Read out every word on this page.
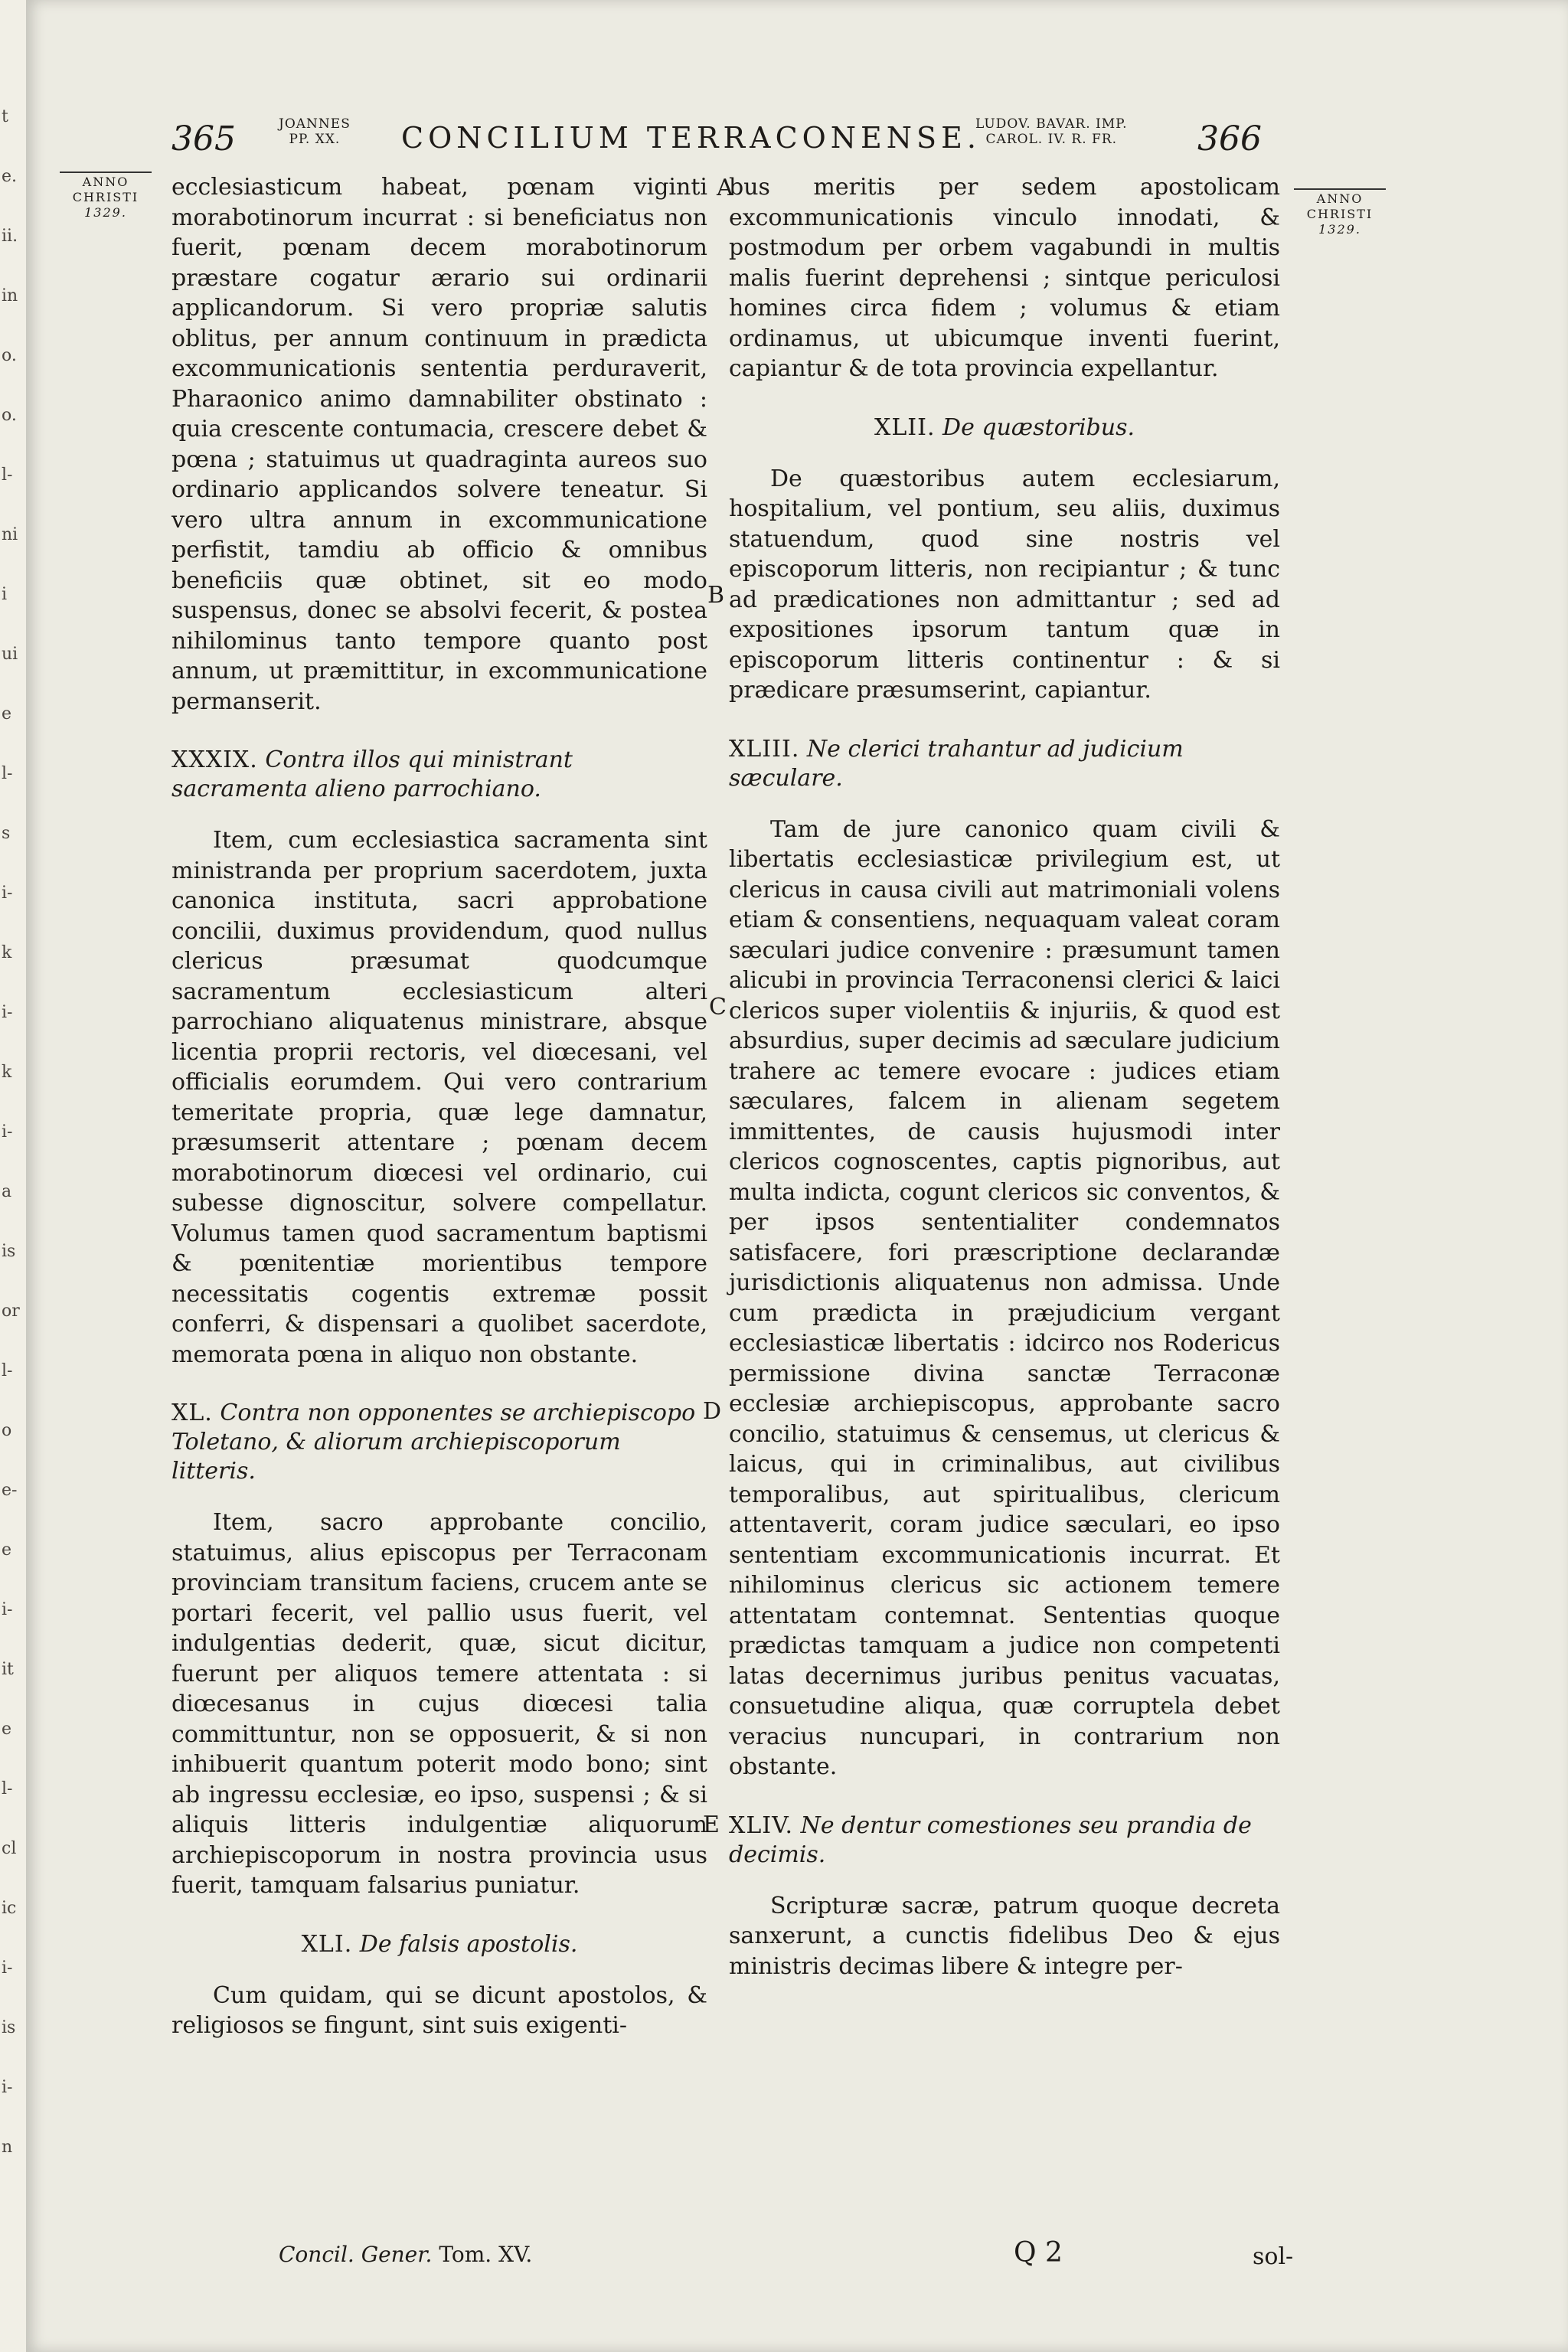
t
e.
ii.
in
o.
o.
l-
ni
i
ui
e
l-
s
i-
k
i-
k
i-
a
is
or
l-
o
e-
e
i-
it
e
l-
cl
ic
i-
is
i-
n
365	JOANNES
PP. XX.	CONCILIUM TERRACONENSE.
LUDOV. BAVAR. IMP.
CAROL. IV. R. FR.	366
ANNO
CHRISTI
1329.
ANNO
CHRISTI
1329.

ecclesiasticum habeat, pœnam viginti morabotinorum incurrat : si beneficiatus non fuerit, pœnam decem morabotinorum præstare cogatur ærario sui ordinarii applicandorum. Si vero propriæ salutis oblitus, per annum continuum in prædicta excommunicationis sententia perduraverit, Pharaonico animo damnabiliter obstinato : quia crescente contumacia, crescere debet & pœna ; statuimus ut quadraginta aureos suo ordinario applicandos solvere teneatur. Si vero ultra annum in excommunicatione perfistit, tamdiu ab officio & omnibus beneficiis quæ obtinet, sit eo modo suspensus, donec se absolvi fecerit, & postea nihilominus tanto tempore quanto post annum, ut præmittitur, in excommunicatione permanserit.

XXXIX. Contra illos qui ministrant sacramenta alieno parrochiano.

Item, cum ecclesiastica sacramenta sint ministranda per proprium sacerdotem, juxta canonica instituta, sacri approbatione concilii, duximus providendum, quod nullus clericus præsumat quodcumque sacramentum ecclesiasticum alteri parrochiano aliquatenus ministrare, absque licentia proprii rectoris, vel diœcesani, vel officialis eorumdem. Qui vero contrarium temeritate propria, quæ lege damnatur, præsumserit attentare ; pœnam decem morabotinorum diœcesi vel ordinario, cui subesse dignoscitur, solvere compellatur. Volumus tamen quod sacramentum baptismi & pœnitentiæ morientibus tempore necessitatis cogentis extremæ possit conferri, & dispensari a quolibet sacerdote, memorata pœna in aliquo non obstante.

XL. Contra non opponentes se archiepiscopo Toletano, & aliorum archiepiscoporum litteris.

Item, sacro approbante concilio, statuimus, alius episcopus per Terraconam provinciam transitum faciens, crucem ante se portari fecerit, vel pallio usus fuerit, vel indulgentias dederit, quæ, sicut dicitur, fuerunt per aliquos temere attentata : si diœcesanus in cujus diœcesi talia committuntur, non se opposuerit, & si non inhibuerit quantum poterit modo bono; sint ab ingressu ecclesiæ, eo ipso, suspensi ; & si aliquis litteris indulgentiæ aliquorum archiepiscoporum in nostra provincia usus fuerit, tamquam falsarius puniatur.

XLI. De falsis apostolis.

Cum quidam, qui se dicunt apostolos, & religiosos se fingunt, sint suis exigenti-

bus meritis per sedem apostolicam excommunicationis vinculo innodati, & postmodum per orbem vagabundi in multis malis fuerint deprehensi ; sintque periculosi homines circa fidem ; volumus & etiam ordinamus, ut ubicumque inventi fuerint, capiantur & de tota provincia expellantur.

XLII. De quæstoribus.

De quæstoribus autem ecclesiarum, hospitalium, vel pontium, seu aliis, duximus statuendum, quod sine nostris vel episcoporum litteris, non recipiantur ; & tunc ad prædicationes non admittantur ; sed ad expositiones ipsorum tantum quæ in episcoporum litteris continentur : & si prædicare præsumserint, capiantur.

XLIII. Ne clerici trahantur ad judicium sæculare.

Tam de jure canonico quam civili & libertatis ecclesiasticæ privilegium est, ut clericus in causa civili aut matrimoniali volens etiam & consentiens, nequaquam valeat coram sæculari judice convenire : præsumunt tamen alicubi in provincia Terraconensi clerici & laici clericos super violentiis & injuriis, & quod est absurdius, super decimis ad sæculare judicium trahere ac temere evocare : judices etiam sæculares, falcem in alienam segetem immittentes, de causis hujusmodi inter clericos cognoscentes, captis pignoribus, aut multa indicta, cogunt clericos sic conventos, & per ipsos sententialiter condemnatos satisfacere, fori præscriptione declarandæ jurisdictionis aliquatenus non admissa. Unde cum prædicta in præjudicium vergant ecclesiasticæ libertatis : idcirco nos Rodericus permissione divina sanctæ Terraconæ ecclesiæ archiepiscopus, approbante sacro concilio, statuimus & censemus, ut clericus & laicus, qui in criminalibus, aut civilibus temporalibus, aut spiritualibus, clericum attentaverit, coram judice sæculari, eo ipso sententiam excommunicationis incurrat. Et nihilominus clericus sic actionem temere attentatam contemnat. Sententias quoque prædictas tamquam a judice non competenti latas decernimus juribus penitus vacuatas, consuetudine aliqua, quæ corruptela debet veracius nuncupari, in contrarium non obstante.

XLIV. Ne dentur comestiones seu prandia de decimis.

Scripturæ sacræ, patrum quoque decreta sanxerunt, a cunctis fidelibus Deo & ejus ministris decimas libere & integre per-

A
B
C
D
E
Concil. Gener. Tom. XV.	Q 2	sol-
